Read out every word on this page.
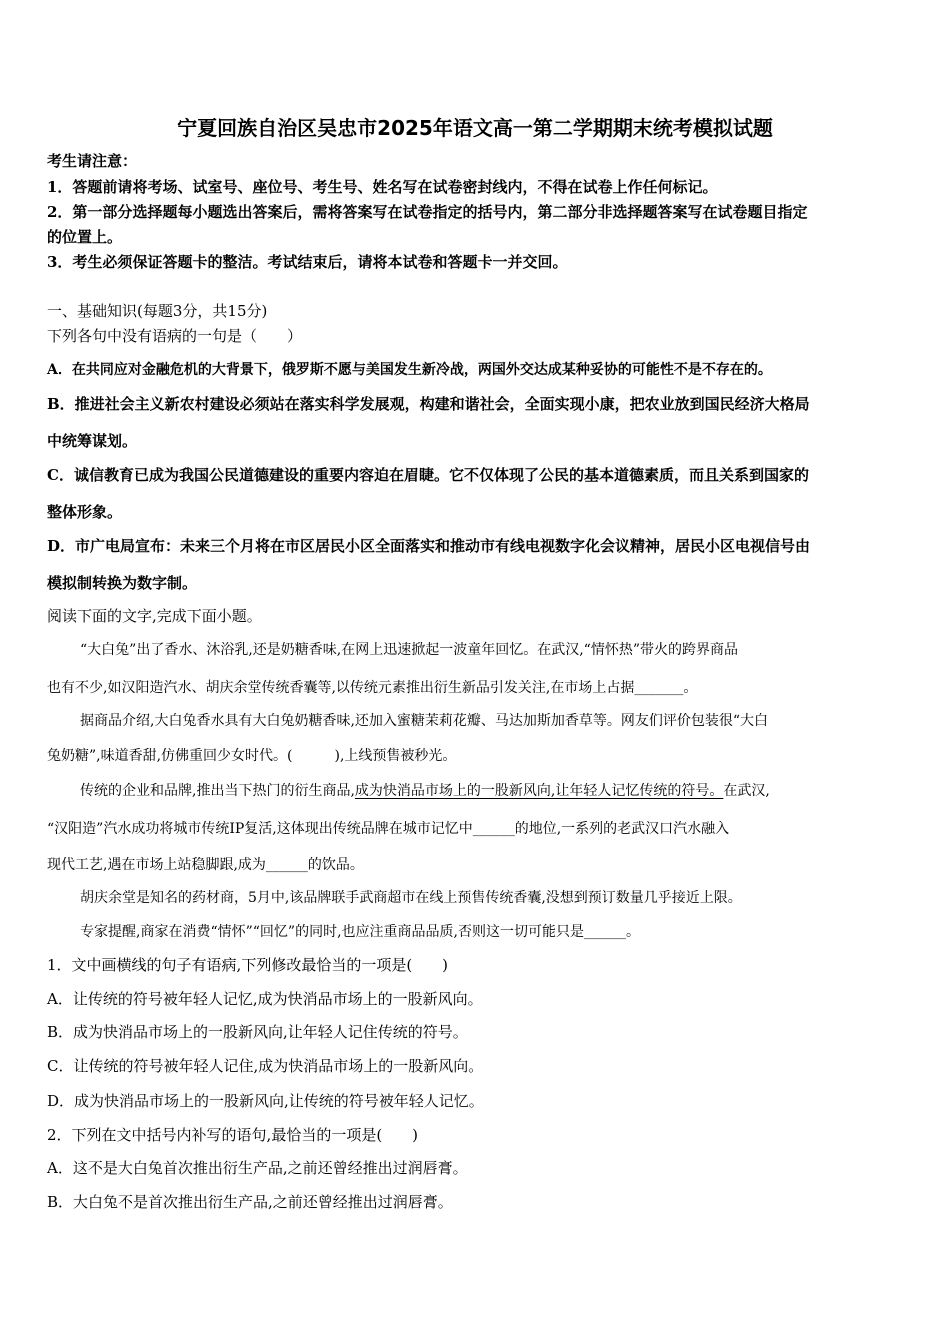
宁夏回族自治区吴忠市2025年语文高一第二学期期末统考模拟试题
考生请注意：
1．答题前请将考场、试室号、座位号、考生号、姓名写在试卷密封线内，不得在试卷上作任何标记。
2．第一部分选择题每小题选出答案后，需将答案写在试卷指定的括号内，第二部分非选择题答案写在试卷题目指定
的位置上。
3．考生必须保证答题卡的整洁。考试结束后，请将本试卷和答题卡一并交回。
一、基础知识(每题3分，共15分)
下列各句中没有语病的一句是（　　）
A．在共同应对金融危机的大背景下，俄罗斯不愿与美国发生新冷战，两国外交达成某种妥协的可能性不是不存在的。
B．推进社会主义新农村建设必须站在落实科学发展观，构建和谐社会，全面实现小康，把农业放到国民经济大格局
中统筹谋划。
C．诚信教育已成为我国公民道德建设的重要内容迫在眉睫。它不仅体现了公民的基本道德素质，而且关系到国家的
整体形象。
D．市广电局宣布：未来三个月将在市区居民小区全面落实和推动市有线电视数字化会议精神，居民小区电视信号由
模拟制转换为数字制。
阅读下面的文字,完成下面小题。
“大白兔”出了香水、沐浴乳,还是奶糖香味,在网上迅速掀起一波童年回忆。在武汉,“情怀热”带火的跨界商品
也有不少,如汉阳造汽水、胡庆余堂传统香囊等,以传统元素推出衍生新品引发关注,在市场上占据_______。
据商品介绍,大白兔香水具有大白兔奶糖香味,还加入蜜糖茉莉花瓣、马达加斯加香草等。网友们评价包装很“大白
兔奶糖”,味道香甜,仿佛重回少女时代。(　　　),上线预售被秒光。
传统的企业和品牌,推出当下热门的衍生商品,成为快消品市场上的一股新风向,让年轻人记忆传统的符号。在武汉,
“汉阳造”汽水成功将城市传统IP复活,这体现出传统品牌在城市记忆中______的地位,一系列的老武汉口汽水融入
现代工艺,遇在市场上站稳脚跟,成为______的饮品。
胡庆余堂是知名的药材商，5月中,该品牌联手武商超市在线上预售传统香囊,没想到预订数量几乎接近上限。
专家提醒,商家在消费“情怀”“回忆”的同时,也应注重商品品质,否则这一切可能只是______。
1．文中画横线的句子有语病,下列修改最恰当的一项是(　　)
A．让传统的符号被年轻人记忆,成为快消品市场上的一股新风向。
B．成为快消品市场上的一股新风向,让年轻人记住传统的符号。
C．让传统的符号被年轻人记住,成为快消品市场上的一股新风向。
D．成为快消品市场上的一股新风向,让传统的符号被年轻人记忆。
2．下列在文中括号内补写的语句,最恰当的一项是(　　)
A．这不是大白兔首次推出衍生产品,之前还曾经推出过润唇膏。
B．大白兔不是首次推出衍生产品,之前还曾经推出过润唇膏。
